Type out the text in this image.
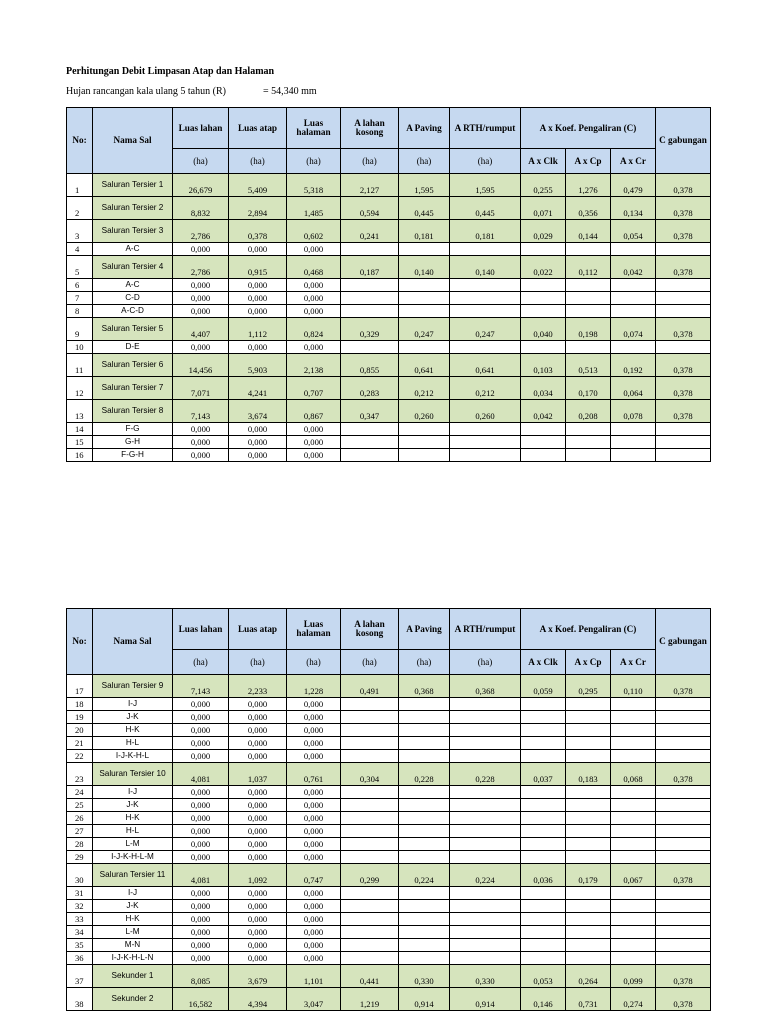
Perhitungan Debit Limpasan Atap dan Halaman
Hujan rancangan kala ulang 5 tahun (R)	= 54,340 mm
No:	Nama Sal	Luas lahan	Luas atap	Luas halaman	A lahan kosong	A Paving	A RTH/rumput	A x Koef. Pengaliran (C)			C gabungan
		(ha)	(ha)	(ha)	(ha)	(ha)	(ha)	A x Clk	A x Cp	A x Cr	
1	Saluran Tersier 1	26,679	5,409	5,318	2,127	1,595	1,595	0,255	1,276	0,479	0,378
2	Saluran Tersier 2	8,832	2,894	1,485	0,594	0,445	0,445	0,071	0,356	0,134	0,378
3	Saluran Tersier 3	2,786	0,378	0,602	0,241	0,181	0,181	0,029	0,144	0,054	0,378
4	A-C	0,000	0,000	0,000							
5	Saluran Tersier 4	2,786	0,915	0,468	0,187	0,140	0,140	0,022	0,112	0,042	0,378
6	A-C	0,000	0,000	0,000							
7	C-D	0,000	0,000	0,000							
8	A-C-D	0,000	0,000	0,000							
9	Saluran Tersier 5	4,407	1,112	0,824	0,329	0,247	0,247	0,040	0,198	0,074	0,378
10	D-E	0,000	0,000	0,000							
11	Saluran Tersier 6	14,456	5,903	2,138	0,855	0,641	0,641	0,103	0,513	0,192	0,378
12	Saluran Tersier 7	7,071	4,241	0,707	0,283	0,212	0,212	0,034	0,170	0,064	0,378
13	Saluran Tersier 8	7,143	3,674	0,867	0,347	0,260	0,260	0,042	0,208	0,078	0,378
14	F-G	0,000	0,000	0,000							
15	G-H	0,000	0,000	0,000							
16	F-G-H	0,000	0,000	0,000							
No:	Nama Sal	Luas lahan	Luas atap	Luas halaman	A lahan kosong	A Paving	A RTH/rumput	A x Koef. Pengaliran (C)			C gabungan
		(ha)	(ha)	(ha)	(ha)	(ha)	(ha)	A x Clk	A x Cp	A x Cr	
17	Saluran Tersier 9	7,143	2,233	1,228	0,491	0,368	0,368	0,059	0,295	0,110	0,378
18	I-J	0,000	0,000	0,000							
19	J-K	0,000	0,000	0,000							
20	H-K	0,000	0,000	0,000							
21	H-L	0,000	0,000	0,000							
22	I-J-K-H-L	0,000	0,000	0,000							
23	Saluran Tersier 10	4,081	1,037	0,761	0,304	0,228	0,228	0,037	0,183	0,068	0,378
24	I-J	0,000	0,000	0,000							
25	J-K	0,000	0,000	0,000							
26	H-K	0,000	0,000	0,000							
27	H-L	0,000	0,000	0,000							
28	L-M	0,000	0,000	0,000							
29	I-J-K-H-L-M	0,000	0,000	0,000							
30	Saluran Tersier 11	4,081	1,092	0,747	0,299	0,224	0,224	0,036	0,179	0,067	0,378
31	I-J	0,000	0,000	0,000							
32	J-K	0,000	0,000	0,000							
33	H-K	0,000	0,000	0,000							
34	L-M	0,000	0,000	0,000							
35	M-N	0,000	0,000	0,000							
36	I-J-K-H-L-N	0,000	0,000	0,000							
37	Sekunder 1	8,085	3,679	1,101	0,441	0,330	0,330	0,053	0,264	0,099	0,378
38	Sekunder 2	16,582	4,394	3,047	1,219	0,914	0,914	0,146	0,731	0,274	0,378
